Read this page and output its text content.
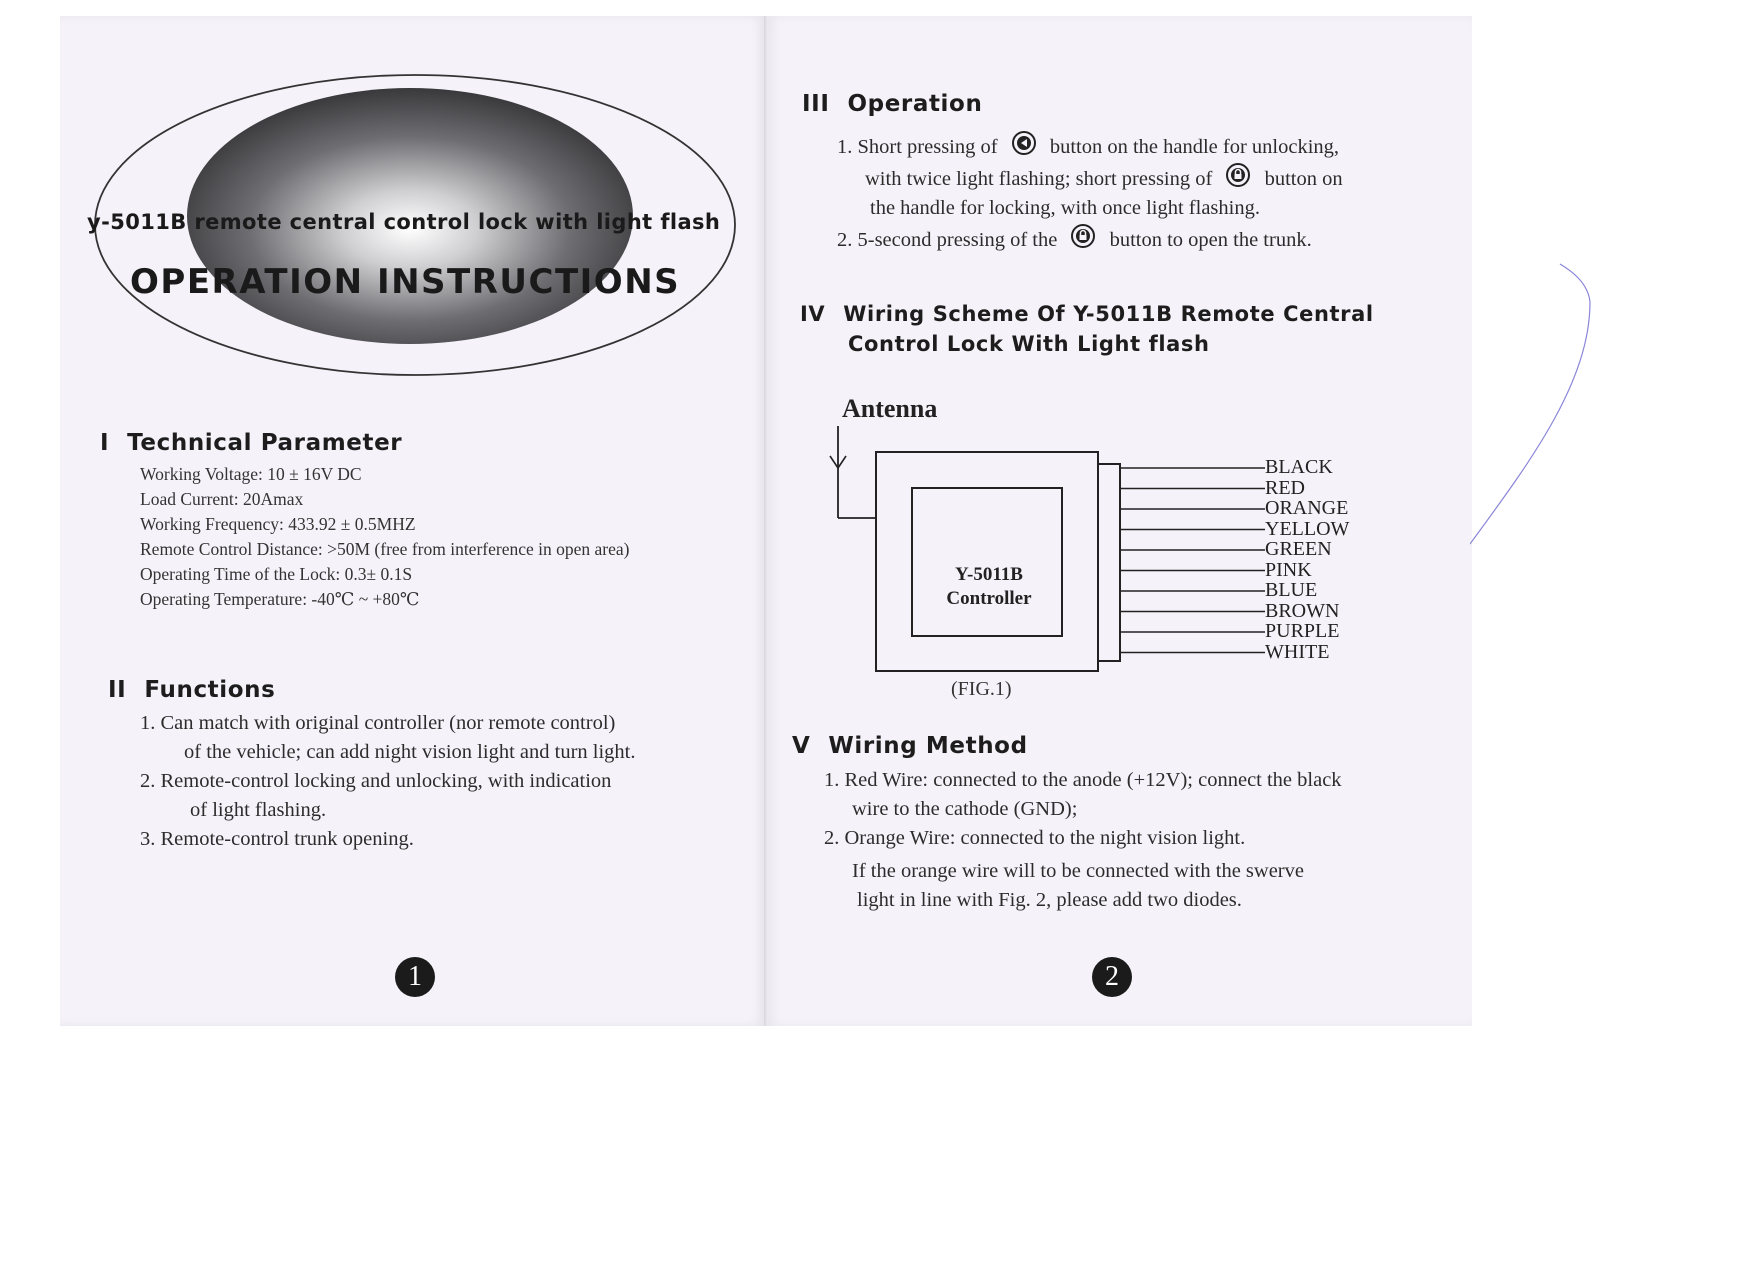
y-5011B remote central control lock with light flash
OPERATION INSTRUCTIONS
I Technical Parameter
Working Voltage: 10 ± 16V DC
Load Current: 20Amax
Working Frequency: 433.92 ± 0.5MHZ
Remote Control Distance: >50M (free from interference in open area)
Operating Time of the Lock: 0.3± 0.1S
Operating Temperature: -40℃ ~ +80℃
II Functions
1. Can match with original controller (nor remote control)
of the vehicle; can add night vision light and turn light.
2. Remote-control locking and unlocking, with indication
of light flashing.
3. Remote-control trunk opening.
1
III Operation
1. Short pressing of	button on the handle for unlocking,
with twice light flashing; short pressing of	button on
the handle for locking, with once light flashing.
2. 5-second pressing of the	button to open the trunk.
IV Wiring Scheme Of Y-5011B Remote Central
Control Lock With Light flash
Antenna
Y-5011B
Controller
BLACK
RED
ORANGE
YELLOW
GREEN
PINK
BLUE
BROWN
PURPLE
WHITE
(FIG.1)
V Wiring Method
1. Red Wire: connected to the anode (+12V); connect the black
wire to the cathode (GND);
2. Orange Wire: connected to the night vision light.
If the orange wire will to be connected with the swerve
light in line with Fig. 2, please add two diodes.
2
